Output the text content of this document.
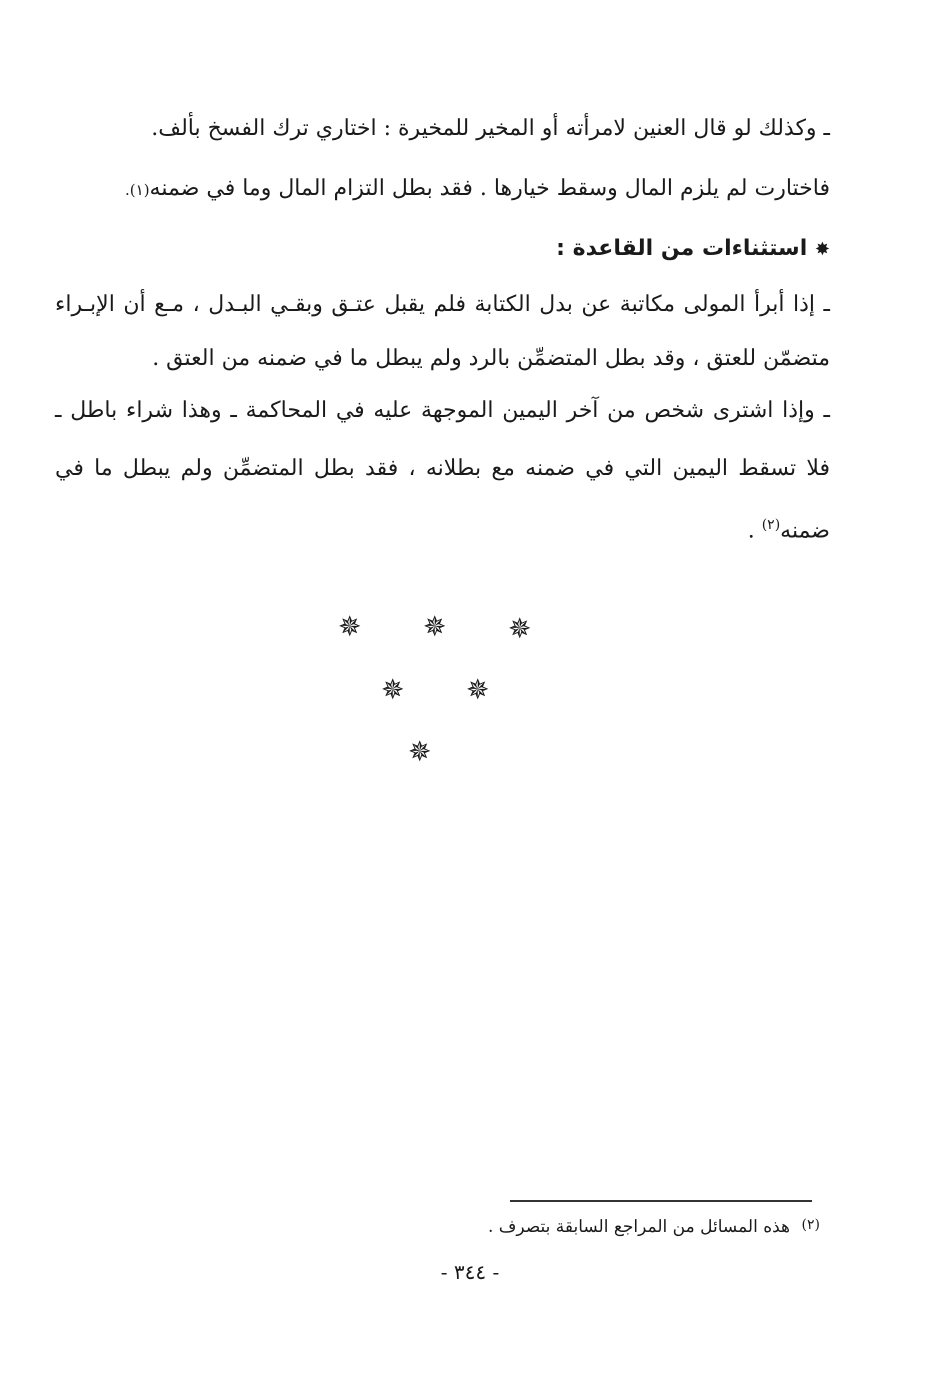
ـ وكذلك لو قال العنين لامرأته أو المخير للمخيرة : اختاري ترك الفسخ بألف.
فاختارت لم يلزم المال وسقط خيارها . فقد بطل التزام المال وما في ضمنه(١).
✸ استثناءات من القاعدة :
ـ إذا أبرأ المولى مكاتبة عن بدل الكتابة فلم يقبل عتـق وبقـي البـدل ، مـع أن الإبـراء
متضمّن للعتق ، وقد بطل المتضمِّن بالرد ولم يبطل ما في ضمنه من العتق .
ـ وإذا اشترى شخص من آخر اليمين الموجهة عليه في المحاكمة ـ وهذا شراء باطل ـ
فلا تسقط اليمين التي في ضمنه مع بطلانه ، فقد بطل المتضمِّن ولم يبطل ما في
ضمنه$^{(٢)}$ .
✵ ✵ ✵
✵ ✵
✵
(٢)
هذه المسائل من المراجع السابقة بتصرف .
- ٣٤٤ -
